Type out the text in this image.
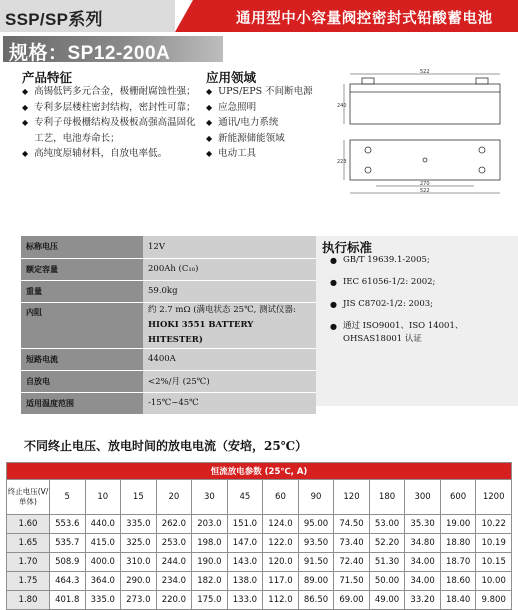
SSP/SP系列	通用型中小容量阀控密封式铅酸蓄电池
规格：SP12-200A
产品特征
◆ 高锡低钙多元合金，极栅耐腐蚀性强；
◆ 专利多层楼柱密封结构，密封性可靠；
◆ 专利子母极栅结构及极板高强高温固化工艺，电池寿命长；
◆ 高纯度原辅材料，自放电率低。
应用领域
◆ UPS/EPS 不间断电源
◆ 应急照明
◆ 通讯/电力系统
◆ 新能源储能领域
◆ 电动工具
522
240
223
270
522
标称电压	12V
额定容量	200Ah (C₁₀)
重量	59.0kg
内阻	约 2.7 mΩ (满电状态 25℃, 测试仪器:
HIOKI 3551 BATTERY HITESTER)

短路电流	4400A
自放电	<2%/月 (25℃)
适用温度范围	-15℃~45℃
执行标准
● GB/T 19639.1-2005;
● IEC 61056-1/2: 2002;
● JIS C8702-1/2: 2003;
● 通过 ISO9001、ISO 14001、OHSAS18001 认证
不同终止电压、放电时间的放电电流（安培，25℃）
恒流放电参数 (25℃, A)													

终止电压(V/
单体)	5	10	15	20	30	45	60	90	120	180	300	600	1200
1.60	553.6	440.0	335.0	262.0	203.0	151.0	124.0	95.00	74.50	53.00	35.30	19.00	10.22
1.65	535.7	415.0	325.0	253.0	198.0	147.0	122.0	93.50	73.40	52.20	34.80	18.80	10.19
1.70	508.9	400.0	310.0	244.0	190.0	143.0	120.0	91.50	72.40	51.30	34.00	18.70	10.15
1.75	464.3	364.0	290.0	234.0	182.0	138.0	117.0	89.00	71.50	50.00	34.00	18.60	10.00
1.80	401.8	335.0	273.0	220.0	175.0	133.0	112.0	86.50	69.00	49.00	33.20	18.40	9.800
